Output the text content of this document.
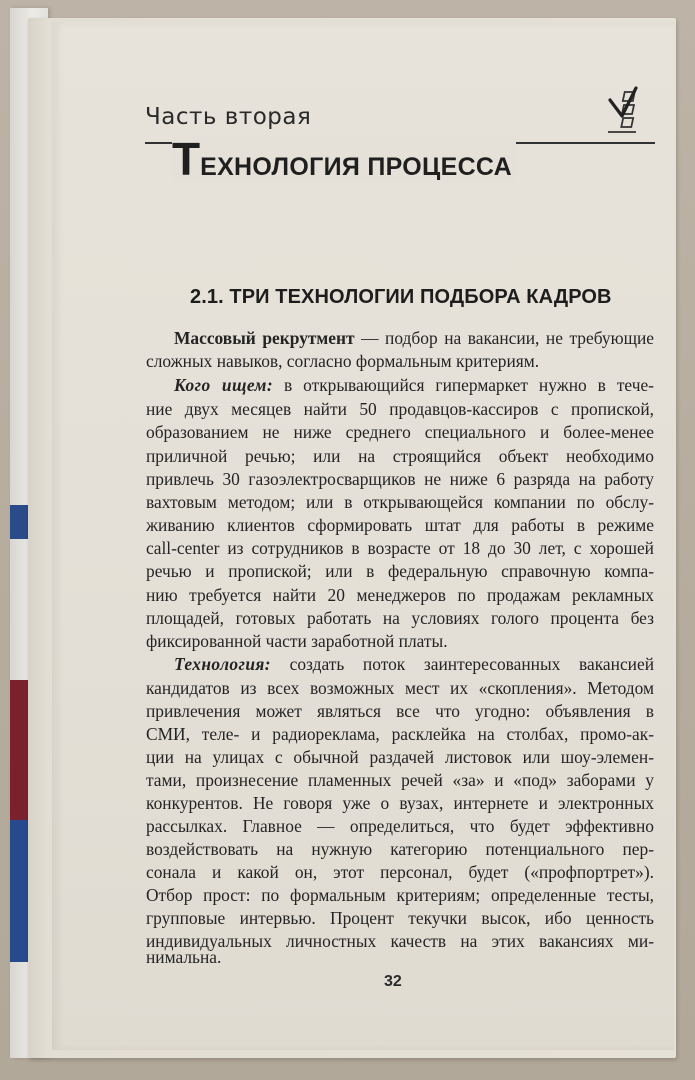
Часть вторая
ТЕХНОЛОГИЯ ПРОЦЕССА
2.1. ТРИ ТЕХНОЛОГИИ ПОДБОРА КАДРОВ
Массовый рекрутмент — подбор на вакансии, не требующие
сложных навыков, согласно формальным критериям.
Кого ищем: в открывающийся гипермаркет нужно в тече-
ние двух месяцев найти 50 продавцов-кассиров с пропиской,
образованием не ниже среднего специального и более-менее
приличной речью; или на строящийся объект необходимо
привлечь 30 газоэлектросварщиков не ниже 6 разряда на работу
вахтовым методом; или в открывающейся компании по обслу-
живанию клиентов сформировать штат для работы в режиме
call-center из сотрудников в возрасте от 18 до 30 лет, с хорошей
речью и пропиской; или в федеральную справочную компа-
нию требуется найти 20 менеджеров по продажам рекламных
площадей, готовых работать на условиях голого процента без
фиксированной части заработной платы.
Технология: создать поток заинтересованных вакансией
кандидатов из всех возможных мест их «скопления». Методом
привлечения может являться все что угодно: объявления в
СМИ, теле- и радиореклама, расклейка на столбах, промо-ак-
ции на улицах с обычной раздачей листовок или шоу-элемен-
тами, произнесение пламенных речей «за» и «под» заборами у
конкурентов. Не говоря уже о вузах, интернете и электронных
рассылках. Главное — определиться, что будет эффективно
воздействовать на нужную категорию потенциального пер-
сонала и какой он, этот персонал, будет («профпортрет»).
Отбор прост: по формальным критериям; определенные тесты,
групповые интервью. Процент текучки высок, ибо ценность
индивидуальных личностных качеств на этих вакансиях ми-
нимальна.
32
